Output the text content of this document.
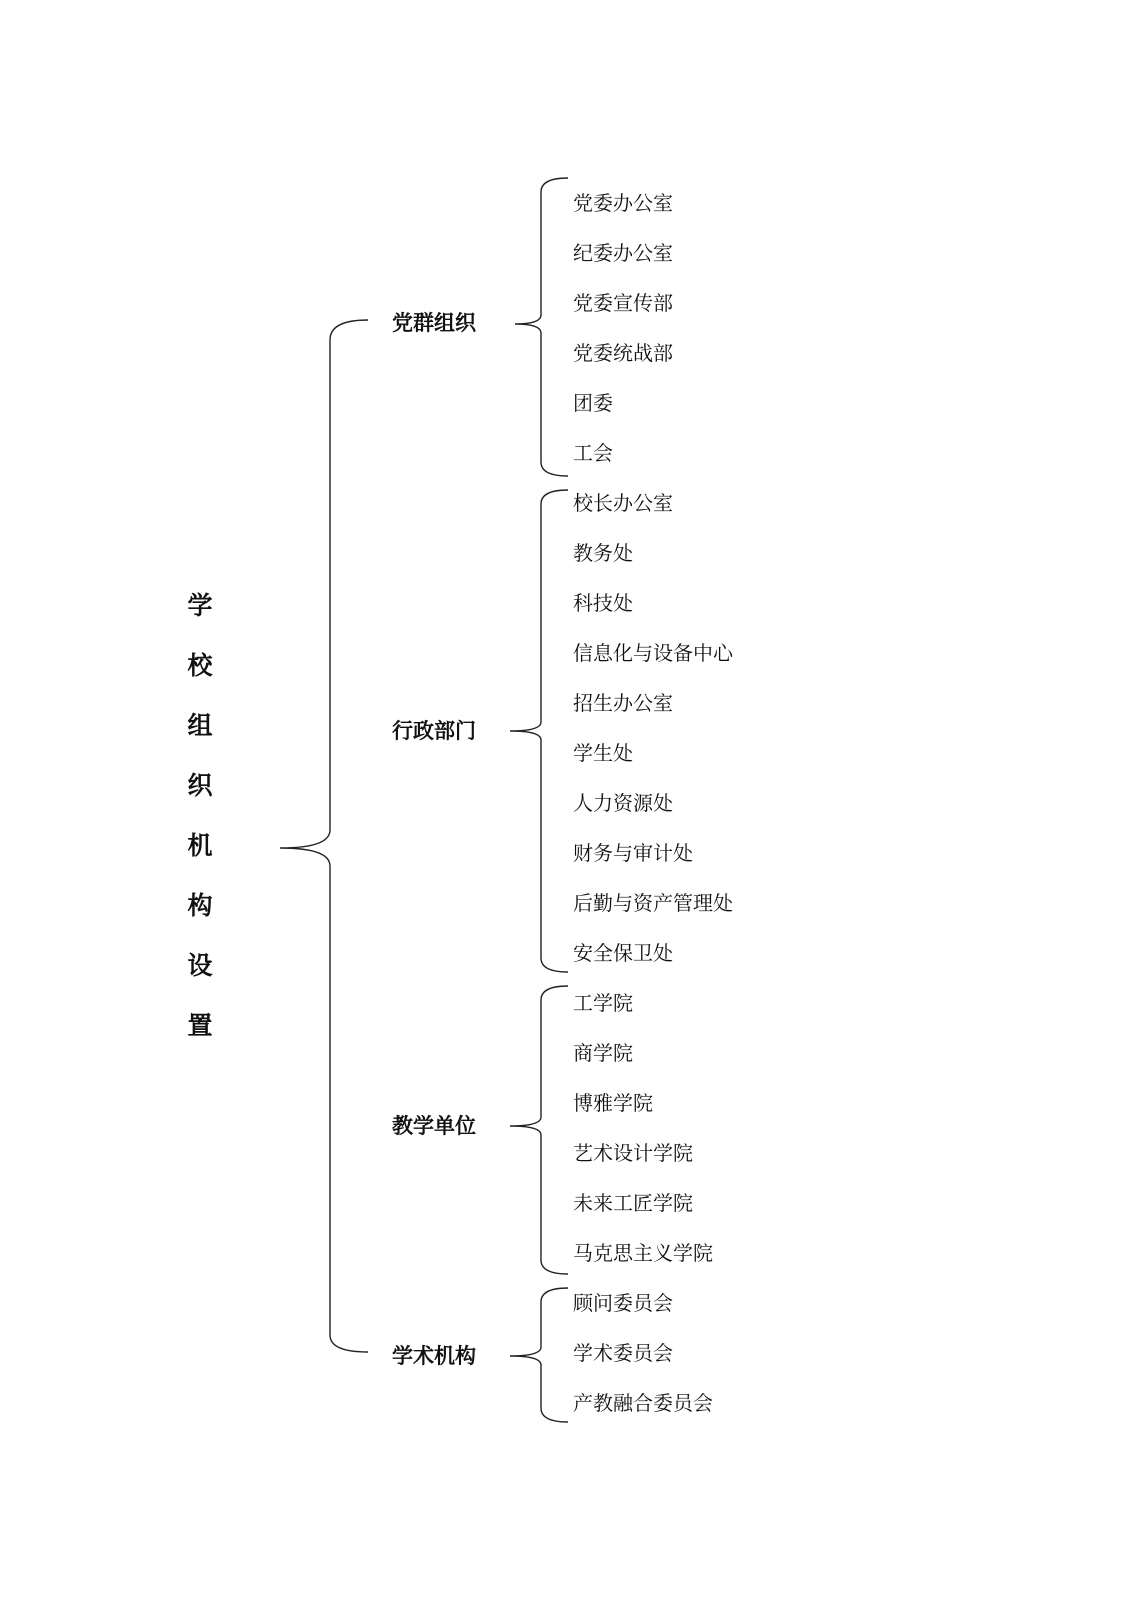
学
校
组
织
机
构
设
置
党群组织
行政部门
教学单位
学术机构
党委办公室
纪委办公室
党委宣传部
党委统战部
团委
工会
校长办公室
教务处
科技处
信息化与设备中心
招生办公室
学生处
人力资源处
财务与审计处
后勤与资产管理处
安全保卫处
工学院
商学院
博雅学院
艺术设计学院
未来工匠学院
马克思主义学院
顾问委员会
学术委员会
产教融合委员会
